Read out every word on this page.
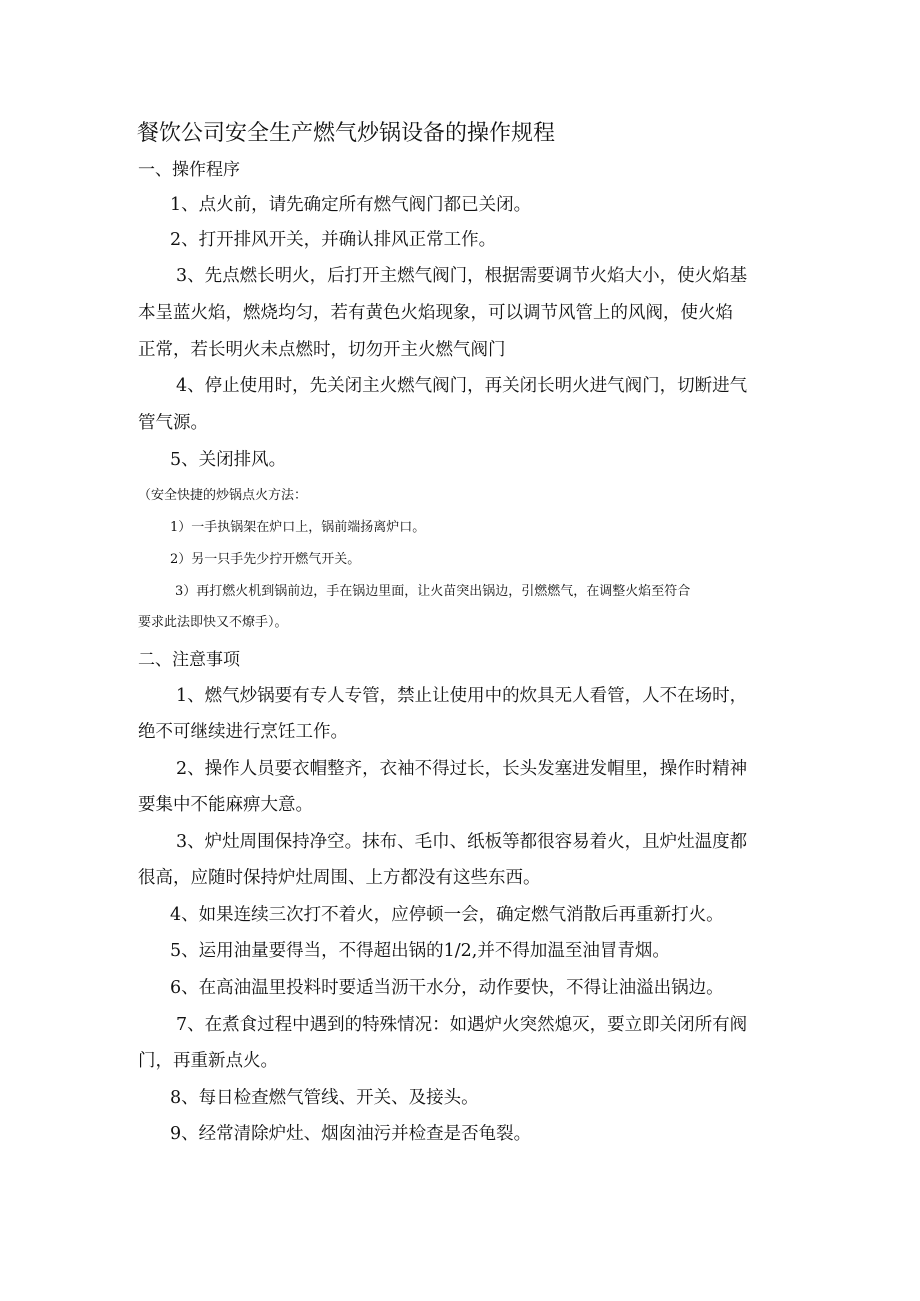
餐饮公司安全生产燃气炒锅设备的操作规程

一、操作程序

1、点火前，请先确定所有燃气阀门都已关闭。

2、打开排风开关，并确认排风正常工作。

3、先点燃长明火，后打开主燃气阀门，根据需要调节火焰大小，使火焰基

本呈蓝火焰，燃烧均匀，若有黄色火焰现象，可以调节风管上的风阀，使火焰

正常，若长明火未点燃时，切勿开主火燃气阀门

4、停止使用时，先关闭主火燃气阀门，再关闭长明火进气阀门，切断进气

管气源。

5、关闭排风。

（安全快捷的炒锅点火方法：

1）一手执锅架在炉口上，锅前端扬离炉口。

2）另一只手先少拧开燃气开关。

3）再打燃火机到锅前边，手在锅边里面，让火苗突出锅边，引燃燃气，在调整火焰至符合

要求此法即快又不燎手）。

二、注意事项

1、燃气炒锅要有专人专管，禁止让使用中的炊具无人看管，人不在场时，

绝不可继续进行烹饪工作。

2、操作人员要衣帽整齐，衣袖不得过长，长头发塞进发帽里，操作时精神

要集中不能麻痹大意。

3、炉灶周围保持净空。抹布、毛巾、纸板等都很容易着火，且炉灶温度都

很高，应随时保持炉灶周围、上方都没有这些东西。

4、如果连续三次打不着火，应停顿一会，确定燃气消散后再重新打火。

5、运用油量要得当，不得超出锅的1/2,并不得加温至油冒青烟。

6、在高油温里投料时要适当沥干水分，动作要快，不得让油溢出锅边。

7、在煮食过程中遇到的特殊情况：如遇炉火突然熄灭，要立即关闭所有阀

门，再重新点火。

8、每日检查燃气管线、开关、及接头。

9、经常清除炉灶、烟囱油污并检查是否龟裂。
